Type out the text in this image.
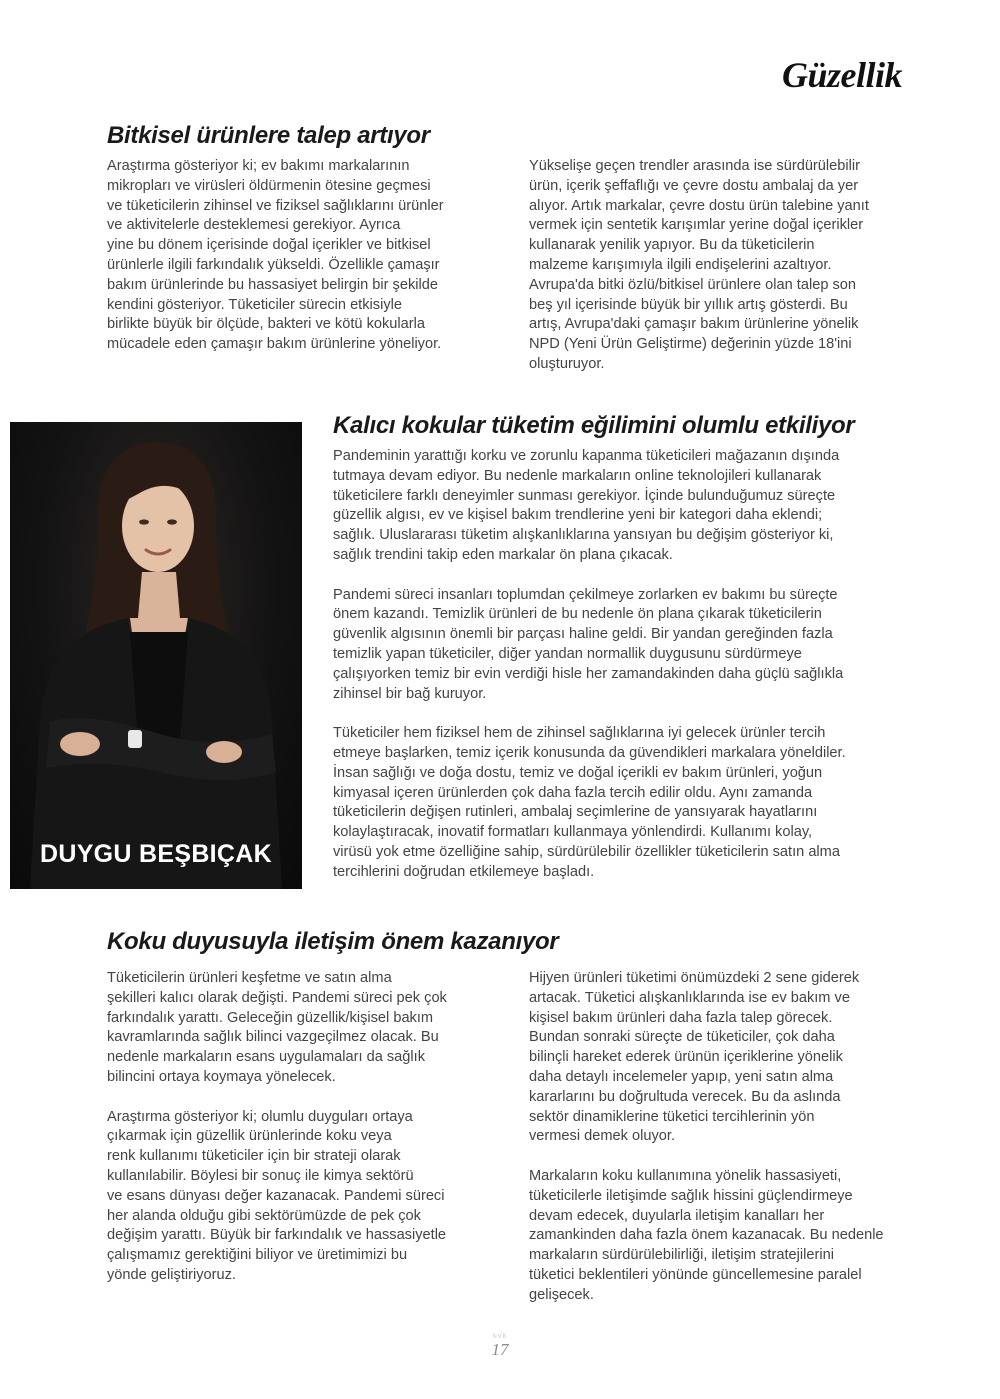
Güzellik
Bitkisel ürünlere talep artıyor
Araştırma gösteriyor ki; ev bakımı markalarının
mikropları ve virüsleri öldürmenin ötesine geçmesi
ve tüketicilerin zihinsel ve fiziksel sağlıklarını ürünler
ve aktivitelerle desteklemesi gerekiyor. Ayrıca
yine bu dönem içerisinde doğal içerikler ve bitkisel
ürünlerle ilgili farkındalık yükseldi. Özellikle çamaşır
bakım ürünlerinde bu hassasiyet belirgin bir şekilde
kendini gösteriyor. Tüketiciler sürecin etkisiyle
birlikte büyük bir ölçüde, bakteri ve kötü kokularla
mücadele eden çamaşır bakım ürünlerine yöneliyor.
Yükselişe geçen trendler arasında ise sürdürülebilir
ürün, içerik şeffaflığı ve çevre dostu ambalaj da yer
alıyor. Artık markalar, çevre dostu ürün talebine yanıt
vermek için sentetik karışımlar yerine doğal içerikler
kullanarak yenilik yapıyor. Bu da tüketicilerin
malzeme karışımıyla ilgili endişelerini azaltıyor.
Avrupa'da bitki özlü/bitkisel ürünlere olan talep son
beş yıl içerisinde büyük bir yıllık artış gösterdi. Bu
artış, Avrupa'daki çamaşır bakım ürünlerine yönelik
NPD (Yeni Ürün Geliştirme) değerinin yüzde 18'ini
oluşturuyor.
DUYGU BEŞBIÇAK
Kalıcı kokular tüketim eğilimini olumlu etkiliyor
Pandeminin yarattığı korku ve zorunlu kapanma tüketicileri mağazanın dışında
tutmaya devam ediyor. Bu nedenle markaların online teknolojileri kullanarak
tüketicilere farklı deneyimler sunması gerekiyor. İçinde bulunduğumuz süreçte
güzellik algısı, ev ve kişisel bakım trendlerine yeni bir kategori daha eklendi;
sağlık. Uluslararası tüketim alışkanlıklarına yansıyan bu değişim gösteriyor ki,
sağlık trendini takip eden markalar ön plana çıkacak.
Pandemi süreci insanları toplumdan çekilmeye zorlarken ev bakımı bu süreçte
önem kazandı. Temizlik ürünleri de bu nedenle ön plana çıkarak tüketicilerin
güvenlik algısının önemli bir parçası haline geldi. Bir yandan gereğinden fazla
temizlik yapan tüketiciler, diğer yandan normallik duygusunu sürdürmeye
çalışıyorken temiz bir evin verdiği hisle her zamandakinden daha güçlü sağlıkla
zihinsel bir bağ kuruyor.
Tüketiciler hem fiziksel hem de zihinsel sağlıklarına iyi gelecek ürünler tercih
etmeye başlarken, temiz içerik konusunda da güvendikleri markalara yöneldiler.
İnsan sağlığı ve doğa dostu, temiz ve doğal içerikli ev bakım ürünleri, yoğun
kimyasal içeren ürünlerden çok daha fazla tercih edilir oldu. Aynı zamanda
tüketicilerin değişen rutinleri, ambalaj seçimlerine de yansıyarak hayatlarını
kolaylaştıracak, inovatif formatları kullanmaya yönlendirdi. Kullanımı kolay,
virüsü yok etme özelliğine sahip, sürdürülebilir özellikler tüketicilerin satın alma
tercihlerini doğrudan etkilemeye başladı.
Koku duyusuyla iletişim önem kazanıyor
Tüketicilerin ürünleri keşfetme ve satın alma
şekilleri kalıcı olarak değişti. Pandemi süreci pek çok
farkındalık yarattı. Geleceğin güzellik/kişisel bakım
kavramlarında sağlık bilinci vazgeçilmez olacak. Bu
nedenle markaların esans uygulamaları da sağlık
bilincini ortaya koymaya yönelecek.
Araştırma gösteriyor ki; olumlu duyguları ortaya
çıkarmak için güzellik ürünlerinde koku veya
renk kullanımı tüketiciler için bir strateji olarak
kullanılabilir. Böylesi bir sonuç ile kimya sektörü
ve esans dünyası değer kazanacak. Pandemi süreci
her alanda olduğu gibi sektörümüzde de pek çok
değişim yarattı. Büyük bir farkındalık ve hassasiyetle
çalışmamız gerektiğini biliyor ve üretimimizi bu
yönde geliştiriyoruz.
Hijyen ürünleri tüketimi önümüzdeki 2 sene giderek
artacak. Tüketici alışkanlıklarında ise ev bakım ve
kişisel bakım ürünleri daha fazla talep görecek.
Bundan sonraki süreçte de tüketiciler, çok daha
bilinçli hareket ederek ürünün içeriklerine yönelik
daha detaylı incelemeler yapıp, yeni satın alma
kararlarını bu doğrultuda verecek. Bu da aslında
sektör dinamiklerine tüketici tercihlerinin yön
vermesi demek oluyor.
Markaların koku kullanımına yönelik hassasiyeti,
tüketicilerle iletişimde sağlık hissini güçlendirmeye
devam edecek, duyularla iletişim kanalları her
zamankinden daha fazla önem kazanacak. Bu nedenle
markaların sürdürülebilirliği, iletişim stratejilerini
tüketici beklentileri yönünde güncellemesine paralel
gelişecek.
NVK
17
